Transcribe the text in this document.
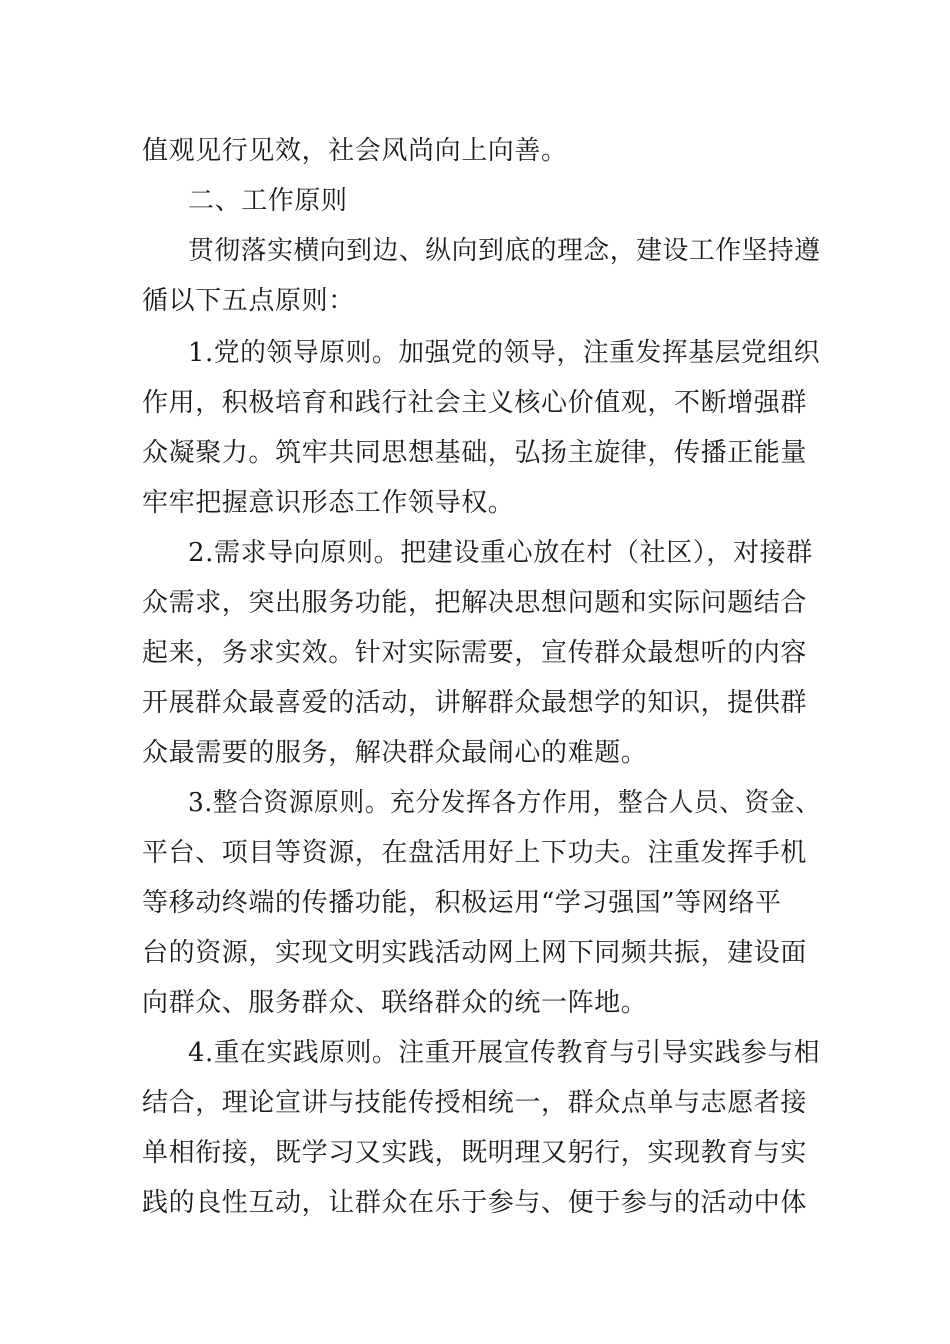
值观见行见效，社会风尚向上向善。
二、工作原则
贯彻落实横向到边、纵向到底的理念，建设工作坚持遵
循以下五点原则：
1.党的领导原则。加强党的领导，注重发挥基层党组织
作用，积极培育和践行社会主义核心价值观，不断增强群
众凝聚力。筑牢共同思想基础，弘扬主旋律，传播正能量
牢牢把握意识形态工作领导权。
2.需求导向原则。把建设重心放在村（社区），对接群
众需求，突出服务功能，把解决思想问题和实际问题结合
起来，务求实效。针对实际需要，宣传群众最想听的内容
开展群众最喜爱的活动，讲解群众最想学的知识，提供群
众最需要的服务，解决群众最闹心的难题。
3.整合资源原则。充分发挥各方作用，整合人员、资金、
平台、项目等资源，在盘活用好上下功夫。注重发挥手机
等移动终端的传播功能，积极运用“学习强国”等网络平
台的资源，实现文明实践活动网上网下同频共振，建设面
向群众、服务群众、联络群众的统一阵地。
4.重在实践原则。注重开展宣传教育与引导实践参与相
结合，理论宣讲与技能传授相统一，群众点单与志愿者接
单相衔接，既学习又实践，既明理又躬行，实现教育与实
践的良性互动，让群众在乐于参与、便于参与的活动中体
